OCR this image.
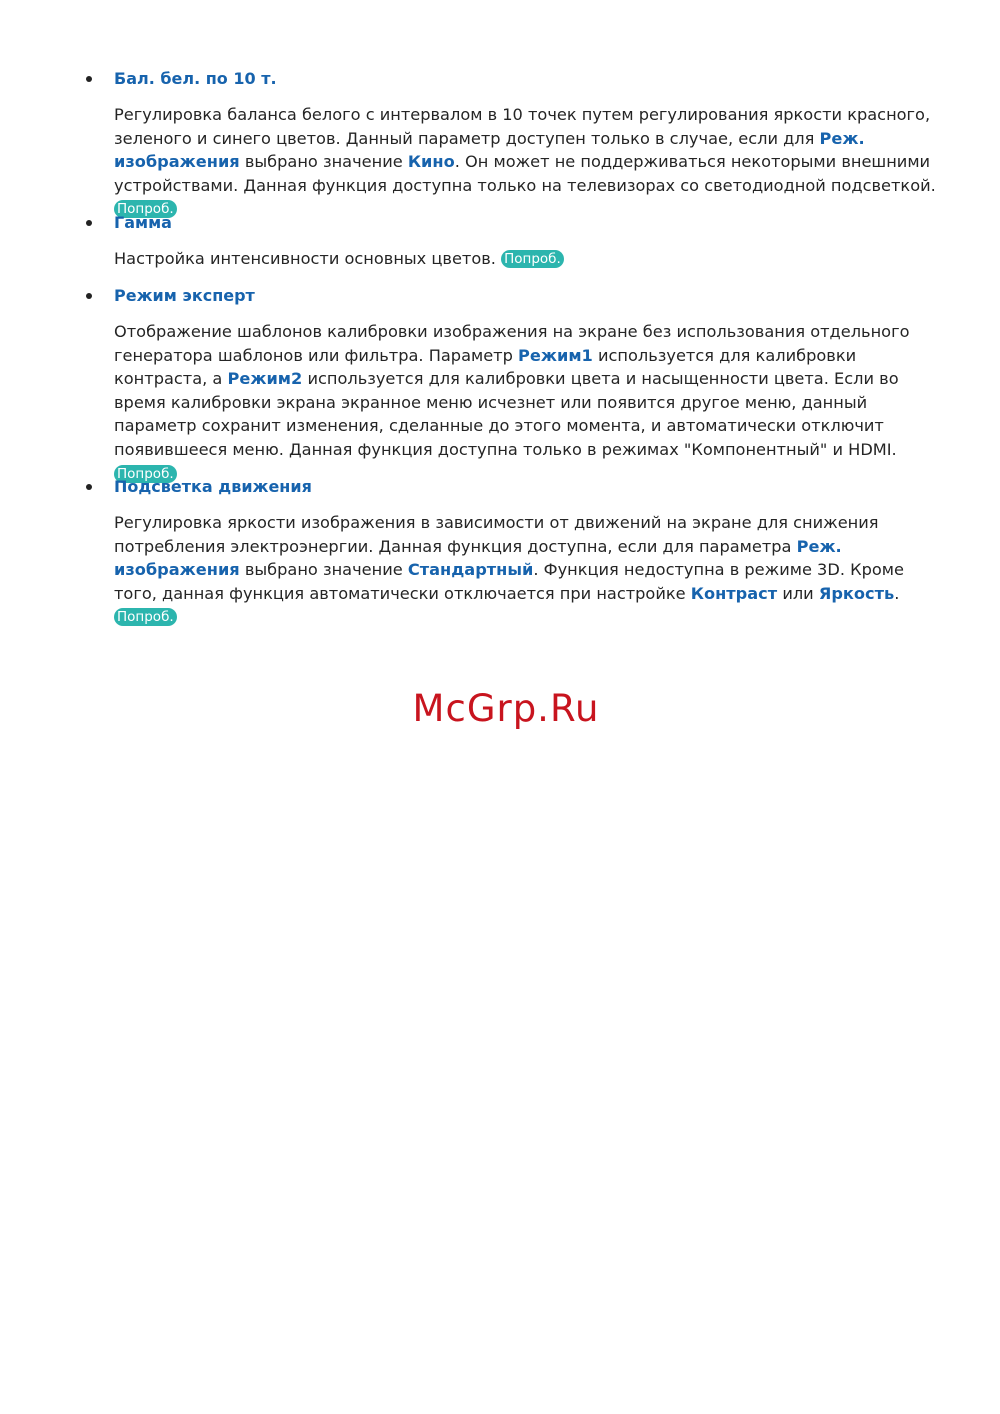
Бал. бел. по 10 т.
Регулировка баланса белого с интервалом в 10 точек путем регулирования яркости красного, зеленого и синего цветов. Данный параметр доступен только в случае, если для Реж. изображения выбрано значение Кино. Он может не поддерживаться некоторыми внешними устройствами. Данная функция доступна только на телевизорах со светодиодной подсветкой. Попроб.
Гамма
Настройка интенсивности основных цветов. Попроб.
Режим эксперт
Отображение шаблонов калибровки изображения на экране без использования отдельного генератора шаблонов или фильтра. Параметр Режим1 используется для калибровки контраста, а Режим2 используется для калибровки цвета и насыщенности цвета. Если во время калибровки экрана экранное меню исчезнет или появится другое меню, данный параметр сохранит изменения, сделанные до этого момента, и автоматически отключит появившееся меню. Данная функция доступна только в режимах "Компонентный" и HDMI. Попроб.
Подсветка движения
Регулировка яркости изображения в зависимости от движений на экране для снижения потребления электроэнергии. Данная функция доступна, если для параметра Реж. изображения выбрано значение Стандартный. Функция недоступна в режиме 3D. Кроме того, данная функция автоматически отключается при настройке Контраст или Яркость. Попроб.
McGrp.Ru
